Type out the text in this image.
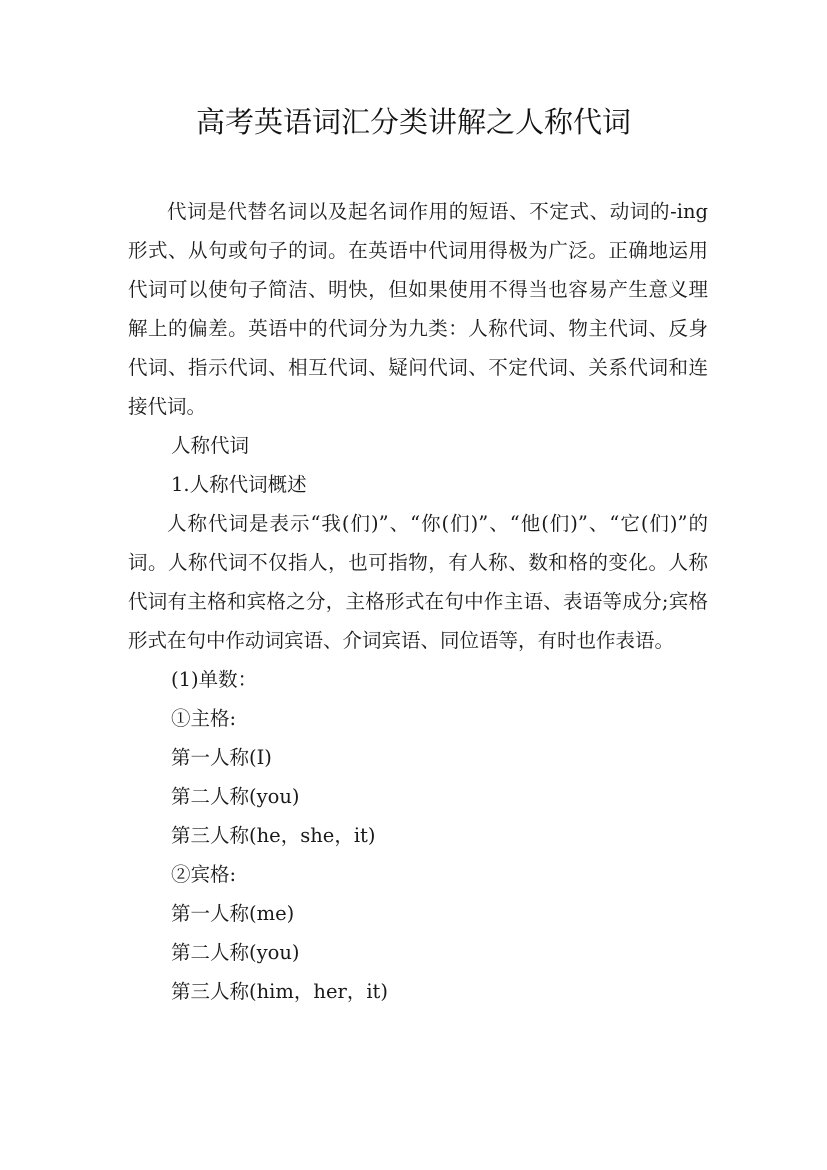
高考英语词汇分类讲解之人称代词

代词是代替名词以及起名词作用的短语、不定式、动词的-ing形式、从句或句子的词。在英语中代词用得极为广泛。正确地运用代词可以使句子简洁、明快，但如果使用不得当也容易产生意义理解上的偏差。英语中的代词分为九类：人称代词、物主代词、反身代词、指示代词、相互代词、疑问代词、不定代词、关系代词和连接代词。

人称代词

1.人称代词概述

人称代词是表示“我(们)”、“你(们)”、“他(们)”、“它(们)”的词。人称代词不仅指人，也可指物，有人称、数和格的变化。人称代词有主格和宾格之分，主格形式在句中作主语、表语等成分;宾格形式在句中作动词宾语、介词宾语、同位语等，有时也作表语。

(1)单数：

①主格:

第一人称(I)

第二人称(you)

第三人称(he，she，it)

②宾格:

第一人称(me)

第二人称(you)

第三人称(him，her，it)
